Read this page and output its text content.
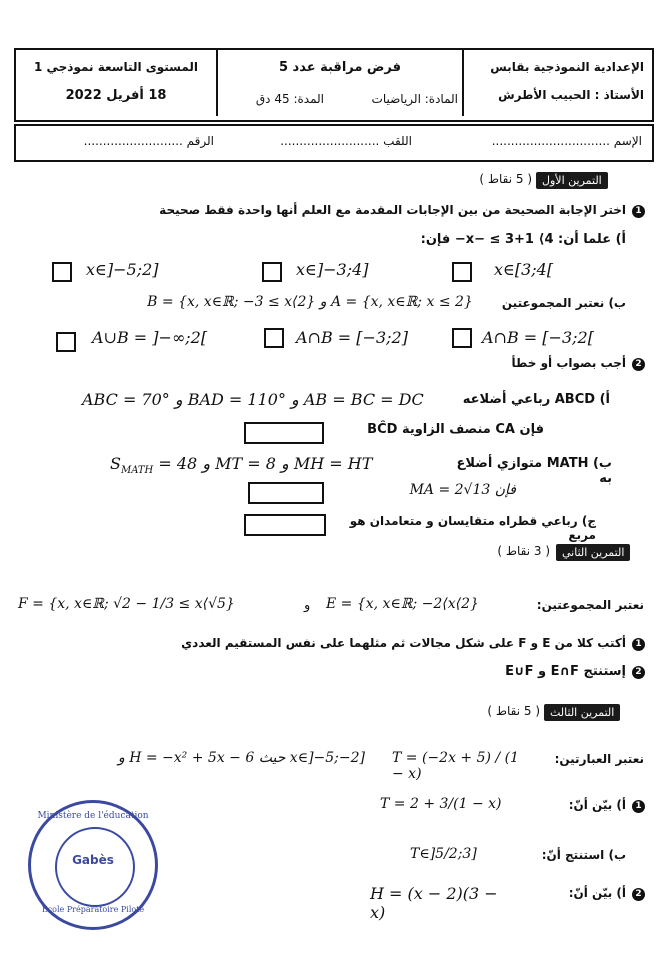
الإعدادية النموذجية بقابس
الأستاذ : الحبيب الأطرش
فرض مراقبة عدد 5
المادة: الرياضيات
المدة: 45 دق
المستوى التاسعة نموذجي 1
18 أفريل 2022
الإسم ...............................
اللقب ..........................
الرقم ..........................
التمرين الأول
( 5 نقاط )
1
اختر الإجابة الصحيحة من بين الإجابات المقدمة مع العلم أنها واحدة فقط صحيحة
أ) علما أن: 4⟩ 1+x− ≤ 3− فإن:
x∈]−5;2]	x∈]−3;4]	x∈[3;4[
B = {x, x∈ℝ; −3 ≤ x⟨2} و A = {x, x∈ℝ; x ≤ 2}	ب) نعتبر المجموعتين
A∪B = ]−∞;2[	A∩B = [−3;2]	A∩B = [−3;2[
2
أجب بصواب أو خطأ
ABC = 70° و BAD = 110° و AB = BC = DC	أ) ABCD رباعي أضلاعه
فإن CA منصف الزاوية BĈD
$S_{MATH} = 48$ و MT = 8 و MH = HT	ب) MATH متوازي أضلاع به
فإن MA = 2√13
ج) رباعي قطراه متقايسان و متعامدان هو مربع
التمرين الثاني
( 3 نقاط )
نعتبر المجموعتين:
E = {x, x∈ℝ; −2⟨x⟨2}
و
F = {x, x∈ℝ; √2 − 1/3 ≤ x⟨√5}
1
أكتب كلا من E و F على شكل مجالات ثم مثلهما على نفس المستقيم العددي
2
إستنتج E∩F و E∪F
التمرين الثالث
( 5 نقاط )
نعتبر العبارتين:
T = (−2x + 5) / (1 − x)
و H = −x² + 5x − 6 حيث x∈]−5;−2]
1
أ) بيّن أنّ:
T = 2 + 3/(1 − x)
ب) استنتج أنّ:
T∈]5/2;3]
2
أ) بيّن أنّ:
H = (x − 2)(3 − x)
Ministère de l'éducation
Gabès
Ecole Préparatoire Pilote
